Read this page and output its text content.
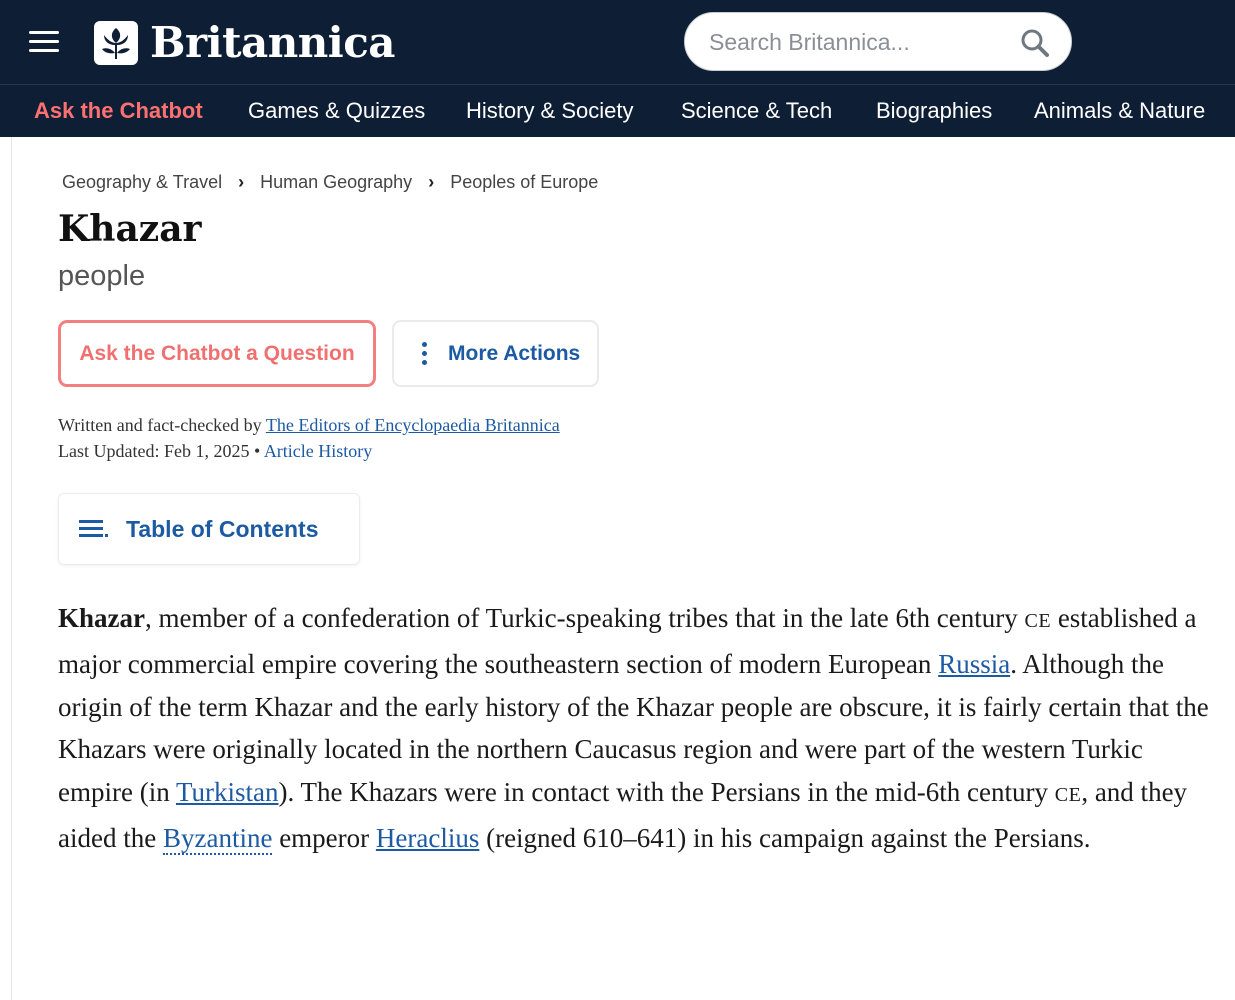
Britannica
Search Britannica...
Ask the Chatbot Games & Quizzes History & Society Science & Tech Biographies Animals & Nature
Geography & Travel › Human Geography › Peoples of Europe
Khazar
people
Ask the Chatbot a Question	More Actions
Written and fact-checked by The Editors of Encyclopaedia Britannica
Last Updated: Feb 1, 2025 • Article History
Table of Contents

Khazar, member of a confederation of Turkic-speaking tribes that in the late 6th century CE established a major commercial empire covering the southeastern section of modern European Russia. Although the origin of the term Khazar and the early history of the Khazar people are obscure, it is fairly certain that the Khazars were originally located in the northern Caucasus region and were part of the western Turkic empire (in Turkistan). The Khazars were in contact with the Persians in the mid-6th century CE, and they aided the Byzantine emperor Heraclius (reigned 610–641) in his campaign against the Persians.
